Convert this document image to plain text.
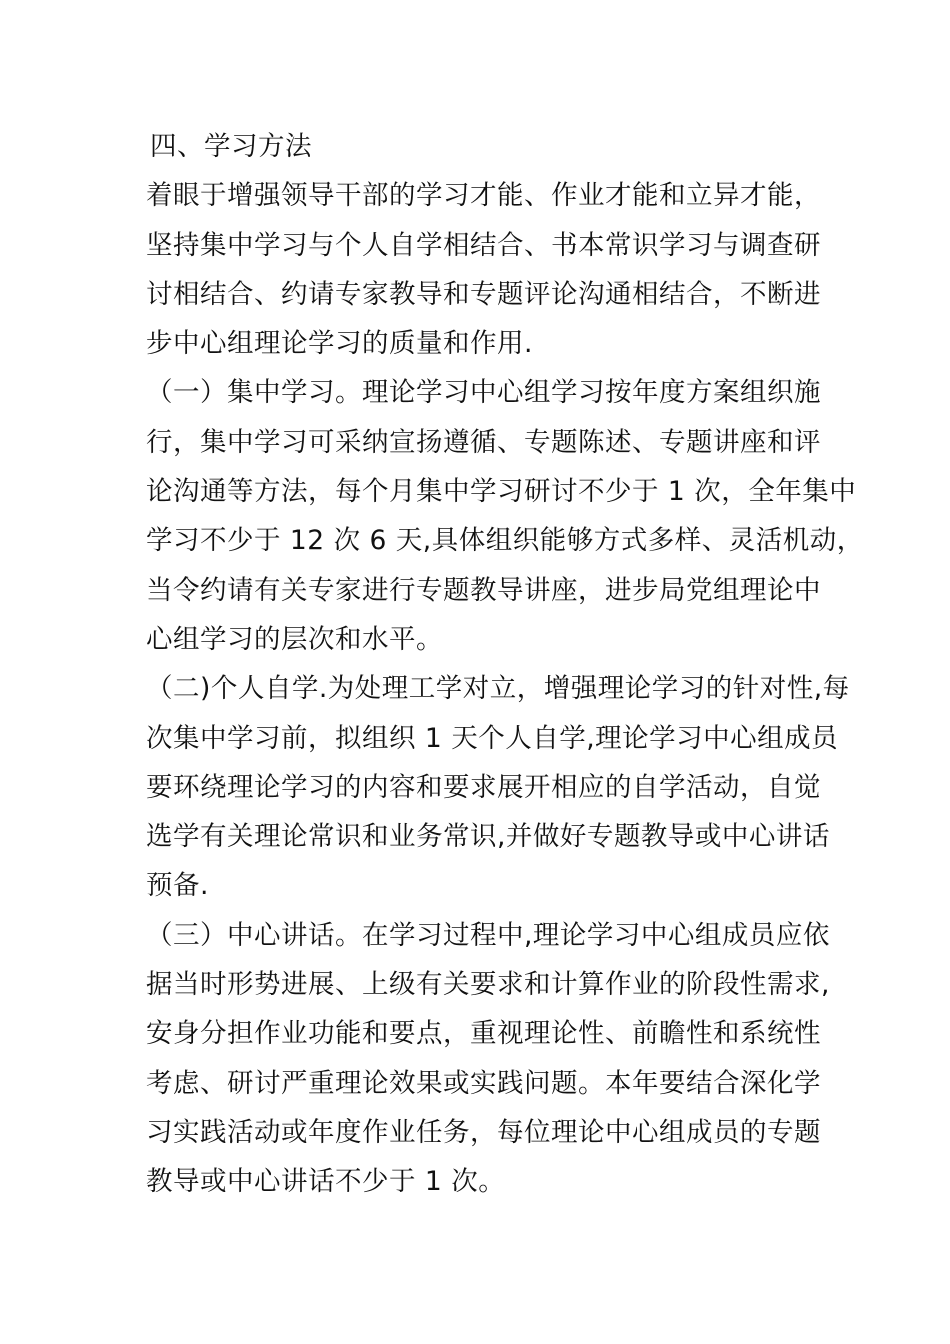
四、学习方法
着眼于增强领导干部的学习才能、作业才能和立异才能，
坚持集中学习与个人自学相结合、书本常识学习与调查研
讨相结合、约请专家教导和专题评论沟通相结合，不断进
步中心组理论学习的质量和作用.
（一）集中学习。理论学习中心组学习按年度方案组织施
行，集中学习可采纳宣扬遵循、专题陈述、专题讲座和评
论沟通等方法，每个月集中学习研讨不少于 1 次，全年集中
学习不少于 12 次 6 天,具体组织能够方式多样、灵活机动，
当令约请有关专家进行专题教导讲座，进步局党组理论中
心组学习的层次和水平。
（二)个人自学.为处理工学对立，增强理论学习的针对性,每
次集中学习前，拟组织 1 天个人自学,理论学习中心组成员
要环绕理论学习的内容和要求展开相应的自学活动，自觉
选学有关理论常识和业务常识,并做好专题教导或中心讲话
预备.
（三）中心讲话。在学习过程中,理论学习中心组成员应依
据当时形势进展、上级有关要求和计算作业的阶段性需求,
安身分担作业功能和要点，重视理论性、前瞻性和系统性
考虑、研讨严重理论效果或实践问题。本年要结合深化学
习实践活动或年度作业任务，每位理论中心组成员的专题
教导或中心讲话不少于 1 次。
